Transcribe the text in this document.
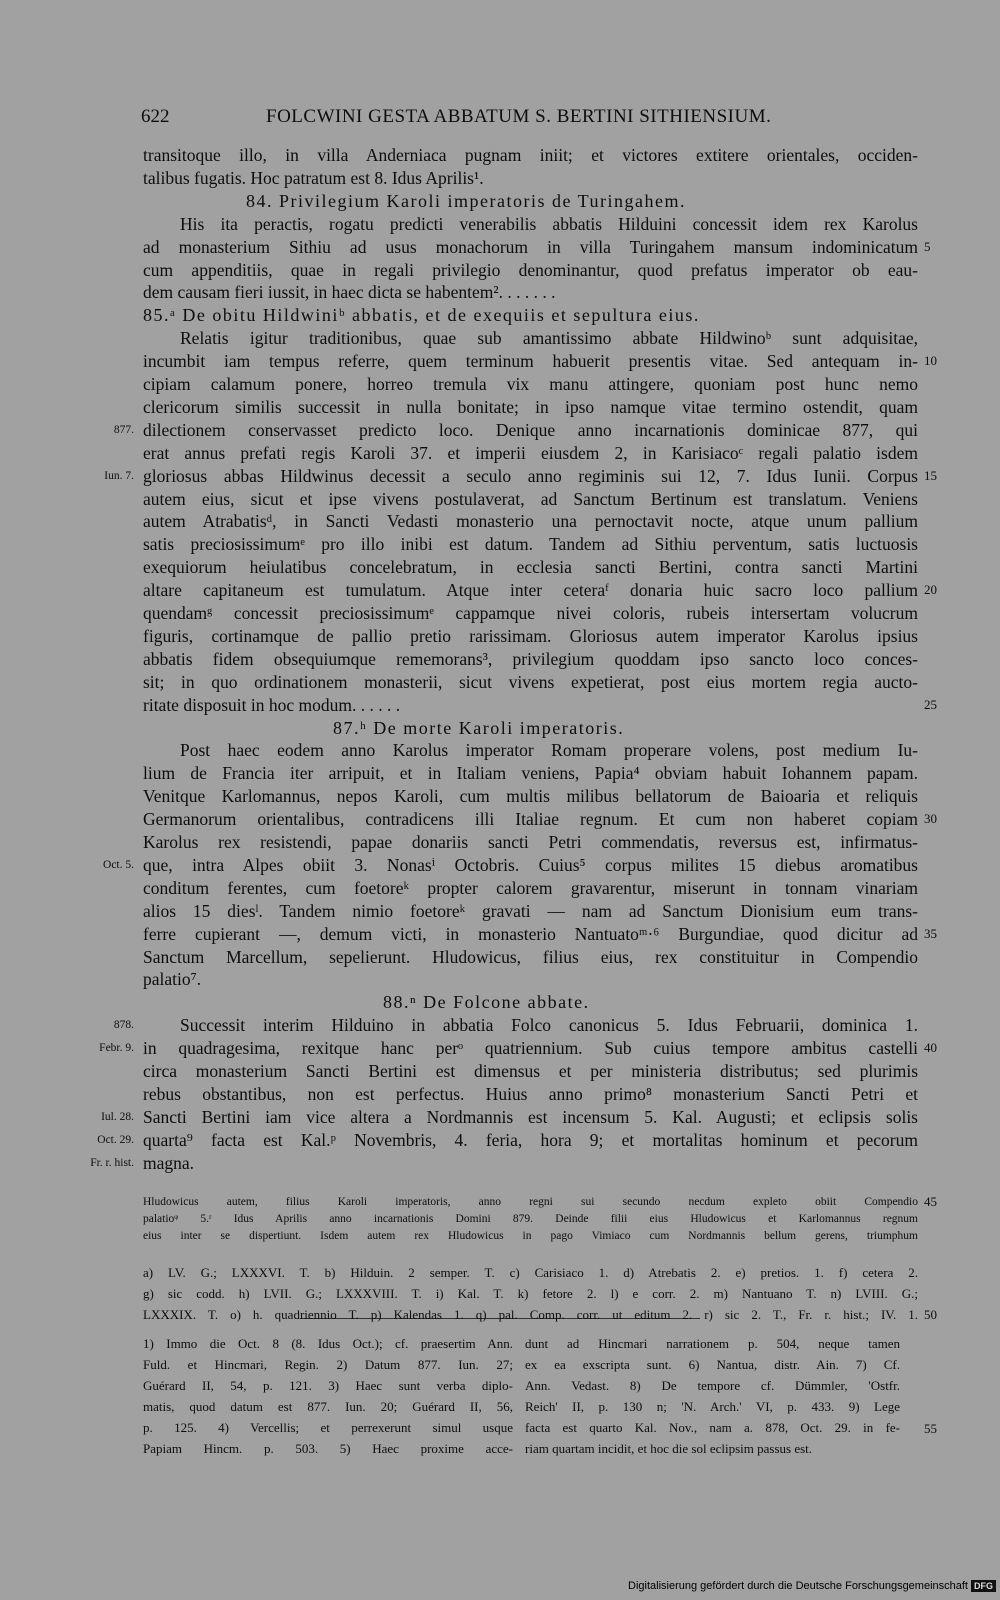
622	FOLCWINI GESTA ABBATUM S. BERTINI SITHIENSIUM.
Digitalisierung gefördert durch die Deutsche Forschungsgemeinschaft DFG
transitoque illo, in villa Anderniaca pugnam iniit; et victores extitere orientales, occiden-
talibus fugatis. Hoc patratum est 8. Idus Aprilis¹.
84. Privilegium Karoli imperatoris de Turingahem.
His ita peractis, rogatu predicti venerabilis abbatis Hilduini concessit idem rex Karolus
ad monasterium Sithiu ad usus monachorum in villa Turingahem mansum indominicatum 5
cum appenditiis, quae in regali privilegio denominantur, quod prefatus imperator ob eau-
dem causam fieri iussit, in haec dicta se habentem². . . . . . .
85.ᵃ De obitu Hildwiniᵇ abbatis, et de exequiis et sepultura eius.
Relatis igitur traditionibus, quae sub amantissimo abbate Hildwinoᵇ sunt adquisitae,
incumbit iam tempus referre, quem terminum habuerit presentis vitae. Sed antequam in- 10
cipiam calamum ponere, horreo tremula vix manu attingere, quoniam post hunc nemo
clericorum similis successit in nulla bonitate; in ipso namque vitae termino ostendit, quam
dilectionem conservasset predicto loco. Denique anno incarnationis dominicae 877, qui
877.
erat annus prefati regis Karoli 37. et imperii eiusdem 2, in Karisiacoᶜ regali palatio isdem
gloriosus abbas Hildwinus decessit a seculo anno regiminis sui 12, 7. Idus Iunii. Corpus 15
Iun. 7.
autem eius, sicut et ipse vivens postulaverat, ad Sanctum Bertinum est translatum. Veniens
autem Atrabatisᵈ, in Sancti Vedasti monasterio una pernoctavit nocte, atque unum pallium
satis preciosissimumᵉ pro illo inibi est datum. Tandem ad Sithiu perventum, satis luctuosis
exequiorum heiulatibus concelebratum, in ecclesia sancti Bertini, contra sancti Martini
altare capitaneum est tumulatum. Atque inter ceteraᶠ donaria huic sacro loco pallium 20
quendamᵍ concessit preciosissimumᵉ cappamque nivei coloris, rubeis intersertam volucrum
figuris, cortinamque de pallio pretio rarissimam. Gloriosus autem imperator Karolus ipsius
abbatis fidem obsequiumque rememorans³, privilegium quoddam ipso sancto loco conces-
sit; in quo ordinationem monasterii, sicut vivens expetierat, post eius mortem regia aucto-
ritate disposuit in hoc modum. . . . . .	25
87.ʰ De morte Karoli imperatoris.
Post haec eodem anno Karolus imperator Romam properare volens, post medium Iu-
lium de Francia iter arripuit, et in Italiam veniens, Papia⁴ obviam habuit Iohannem papam.
Venitque Karlomannus, nepos Karoli, cum multis milibus bellatorum de Baioaria et reliquis
Germanorum orientalibus, contradicens illi Italiae regnum. Et cum non haberet copiam 30
Karolus rex resistendi, papae donariis sancti Petri commendatis, reversus est, infirmatus-
que, intra Alpes obiit 3. Nonasⁱ Octobris. Cuius⁵ corpus milites 15 diebus aromatibus
Oct. 5.
conditum ferentes, cum foetoreᵏ propter calorem gravarentur, miserunt in tonnam vinariam
alios 15 diesˡ. Tandem nimio foetoreᵏ gravati — nam ad Sanctum Dionisium eum trans-
ferre cupierant —, demum victi, in monasterio Nantuatoᵐ·⁶ Burgundiae, quod dicitur ad 35
Sanctum Marcellum, sepelierunt. Hludowicus, filius eius, rex constituitur in Compendio
palatio⁷.
88.ⁿ De Folcone abbate.
Successit interim Hilduino in abbatia Folco canonicus 5. Idus Februarii, dominica 1.
878.
in quadragesima, rexitque hanc perᵒ quatriennium. Sub cuius tempore ambitus castelli 40
Febr. 9.
circa monasterium Sancti Bertini est dimensus et per ministeria distributus; sed plurimis
rebus obstantibus, non est perfectus. Huius anno primo⁸ monasterium Sancti Petri et
Sancti Bertini iam vice altera a Nordmannis est incensum 5. Kal. Augusti; et eclipsis solis
Iul. 28.
quarta⁹ facta est Kal.ᵖ Novembris, 4. feria, hora 9; et mortalitas hominum et pecorum
Oct. 29.
magna.
Fr. r. hist.
Hludowicus autem, filius Karoli imperatoris, anno regni sui secundo necdum expleto obiit Compendio 45
palatioᵠ 5.ʳ Idus Aprilis anno incarnationis Domini 879. Deinde filii eius Hludowicus et Karlomannus regnum
eius inter se dispertiunt. Isdem autem rex Hludowicus in pago Vimiaco cum Nordmannis bellum gerens, triumphum
a) LV. G.; LXXXVI. T. b) Hilduin. 2 semper. T. c) Carisiaco 1. d) Atrebatis 2. e) pretios. 1. f) cetera 2.
g) sic codd. h) LVII. G.; LXXXVIII. T. i) Kal. T. k) fetore 2. l) e corr. 2. m) Nantuano T. n) LVIII. G.;
LXXXIX. T. o) h. quadriennio T. p) Kalendas 1. q) pal. Comp. corr. ut editum 2. r) sic 2. T., Fr. r. hist.; IV. 1. 50
1) Immo die Oct. 8 (8. Idus Oct.); cf. praesertim Ann.
Fuld. et Hincmari, Regin. 2) Datum 877. Iun. 27;
Guérard II, 54, p. 121. 3) Haec sunt verba diplo-
matis, quod datum est 877. Iun. 20; Guérard II, 56,
p. 125. 4) Vercellis; et perrexerunt simul usque
Papiam Hincm. p. 503. 5) Haec proxime acce-
dunt ad Hincmari narrationem p. 504, neque tamen
ex ea exscripta sunt. 6) Nantua, distr. Ain. 7) Cf.
Ann. Vedast. 8) De tempore cf. Dümmler, 'Ostfr.
Reich' II, p. 130 n; 'N. Arch.' VI, p. 433. 9) Lege
facta est quarto Kal. Nov., nam a. 878, Oct. 29. in fe-
riam quartam incidit, et hoc die sol eclipsim passus est.
55
